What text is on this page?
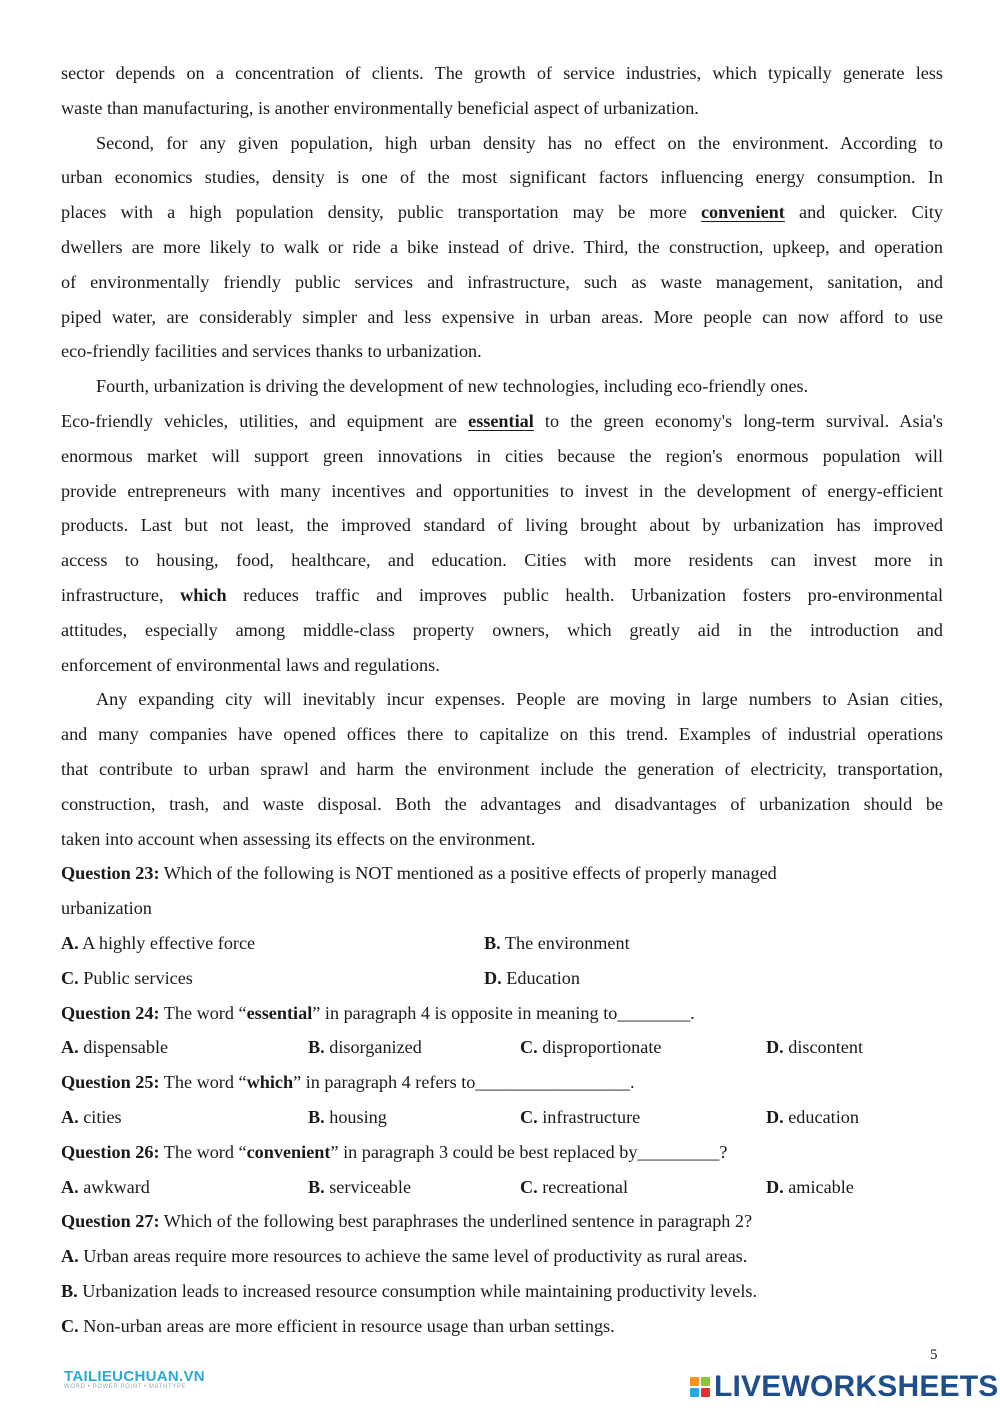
sector depends on a concentration of clients. The growth of service industries, which typically generate less
waste than manufacturing, is another environmentally beneficial aspect of urbanization.
Second, for any given population, high urban density has no effect on the environment. According to
urban economics studies, density is one of the most significant factors influencing energy consumption. In
places with a high population density, public transportation may be more convenient and quicker. City
dwellers are more likely to walk or ride a bike instead of drive. Third, the construction, upkeep, and operation
of environmentally friendly public services and infrastructure, such as waste management, sanitation, and
piped water, are considerably simpler and less expensive in urban areas. More people can now afford to use
eco-friendly facilities and services thanks to urbanization.
Fourth, urbanization is driving the development of new technologies, including eco-friendly ones.
Eco-friendly vehicles, utilities, and equipment are essential to the green economy's long-term survival. Asia's
enormous market will support green innovations in cities because the region's enormous population will
provide entrepreneurs with many incentives and opportunities to invest in the development of energy-efficient
products. Last but not least, the improved standard of living brought about by urbanization has improved
access to housing, food, healthcare, and education. Cities with more residents can invest more in
infrastructure, which reduces traffic and improves public health. Urbanization fosters pro-environmental
attitudes, especially among middle-class property owners, which greatly aid in the introduction and
enforcement of environmental laws and regulations.
Any expanding city will inevitably incur expenses. People are moving in large numbers to Asian cities,
and many companies have opened offices there to capitalize on this trend. Examples of industrial operations
that contribute to urban sprawl and harm the environment include the generation of electricity, transportation,
construction, trash, and waste disposal. Both the advantages and disadvantages of urbanization should be
taken into account when assessing its effects on the environment.
Question 23: Which of the following is NOT mentioned as a positive effects of properly managed
urbanization
A. A highly effective force	B. The environment
C. Public services	D. Education
Question 24: The word “essential” in paragraph 4 is opposite in meaning to________.
A. dispensable	B. disorganized	C. disproportionate	D. discontent
Question 25: The word “which” in paragraph 4 refers to_________________.
A. cities	B. housing	C. infrastructure	D. education
Question 26: The word “convenient” in paragraph 3 could be best replaced by_________?
A. awkward	B. serviceable	C. recreational	D. amicable
Question 27: Which of the following best paraphrases the underlined sentence in paragraph 2?
A. Urban areas require more resources to achieve the same level of productivity as rural areas.
B. Urbanization leads to increased resource consumption while maintaining productivity levels.
C. Non-urban areas are more efficient in resource usage than urban settings.
5
TAILIEUCHUAN.VN
WORD • POWER POINT • MATHTYPE	LIVEWORKSHEETS
